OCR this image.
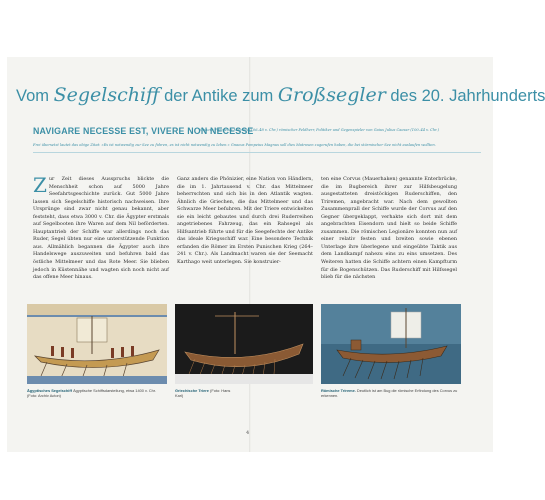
Vom Segelschiff der Antike zum Großsegler des 20. Jahrhunderts
NAVIGARE NECESSE EST, VIVERE NON NECESSE
Gnaeus Pompeius Magnus (106–48 v. Chr.) römischer Feldherr, Politiker und Gegenspieler von Gaius Julius Caesar (100–44 v. Chr.)
Frei übersetzt lautet das obige Zitat: »Es ist notwendig zur See zu fahren, es ist nicht notwendig zu leben.« Gnaeus Pompeius Magnus soll dies Matrosen zugerufen haben, die bei stürmischer See nicht auslaufen wollten.
Zur Zeit dieses Ausspruchs blickte die Menschheit schon auf 5000 Jahre Seefahrtsgeschichte zurück. Gut 5000 Jahre lassen sich Segelschiffe historisch nachweisen. Ihre Ursprünge sind zwar nicht genau bekannt, aber feststeht, dass etwa 3000 v. Chr. die Ägypter erstmals auf Segelbooten ihre Waren auf dem Nil beförderten. Hauptantrieb der Schiffe war allerdings noch das Ruder, Segel übten nur eine unterstützende Funktion aus. Allmählich begannen die Ägypter auch ihre Handelswege auszuweiten und befuhren bald das östliche Mittelmeer und das Rote Meer. Sie blieben jedoch in Küstennähe und wagten sich noch nicht auf das offene Meer hinaus.
Ganz anders die Phönizier, eine Nation von Händlern, die im 1. Jahrtausend v. Chr. das Mittelmeer beherrschten und sich bis in den Atlantik wagten. Ähnlich die Griechen, die das Mittelmeer und das Schwarze Meer befuhren. Mit der Triere entwickelten sie ein leicht gebautes und durch drei Ruderreihen angetriebenes Fahrzeug, das ein Rahsegel als Hilfsantrieb führte und für die Seegefechte der Antike das ideale Kriegsschiff war. Eine besondere Technik erfanden die Römer im Ersten Punischen Krieg (264–241 v. Chr.). Als Landmacht waren sie der Seemacht Karthago weit unterlegen. Sie konstruier-
ten eine Corvus (Mauerhaken) genannte Enterbrücke, die im Bugbereich ihrer zur Hilfsbeugelung ausgestatteten dreistöckigen Ruderschiffen, den Triremen, angebracht war. Nach dem gewollten Zusammenprall der Schiffe wurde der Corvus auf den Gegner übergeklappt, verhakte sich dort mit dem angebrachten Eisendorn und hielt so beide Schiffe zusammen. Die römischen Legionäre konnten nun auf einer relativ festen und breiten sowie ebenen Unterlage ihre überlegene und eingeübte Taktik aus dem Landkampf nahezu eins zu eins umsetzen. Des Weiteren hatten die Schiffe achtern einen Kampfturm für die Bogenschützen. Das Ruderschiff mit Hilfssegel blieb für die nächsten
Ägyptisches Segelschiff Ägyptische Schiffsdarstellung, etwa 1400 v. Chr. (Foto: Archiv Acton)
Griechische Triere (Foto: Hans Karl)
Römische Trireme. Deutlich ist am Bug die römische Erfindung des Corvus zu erkennen.
4
